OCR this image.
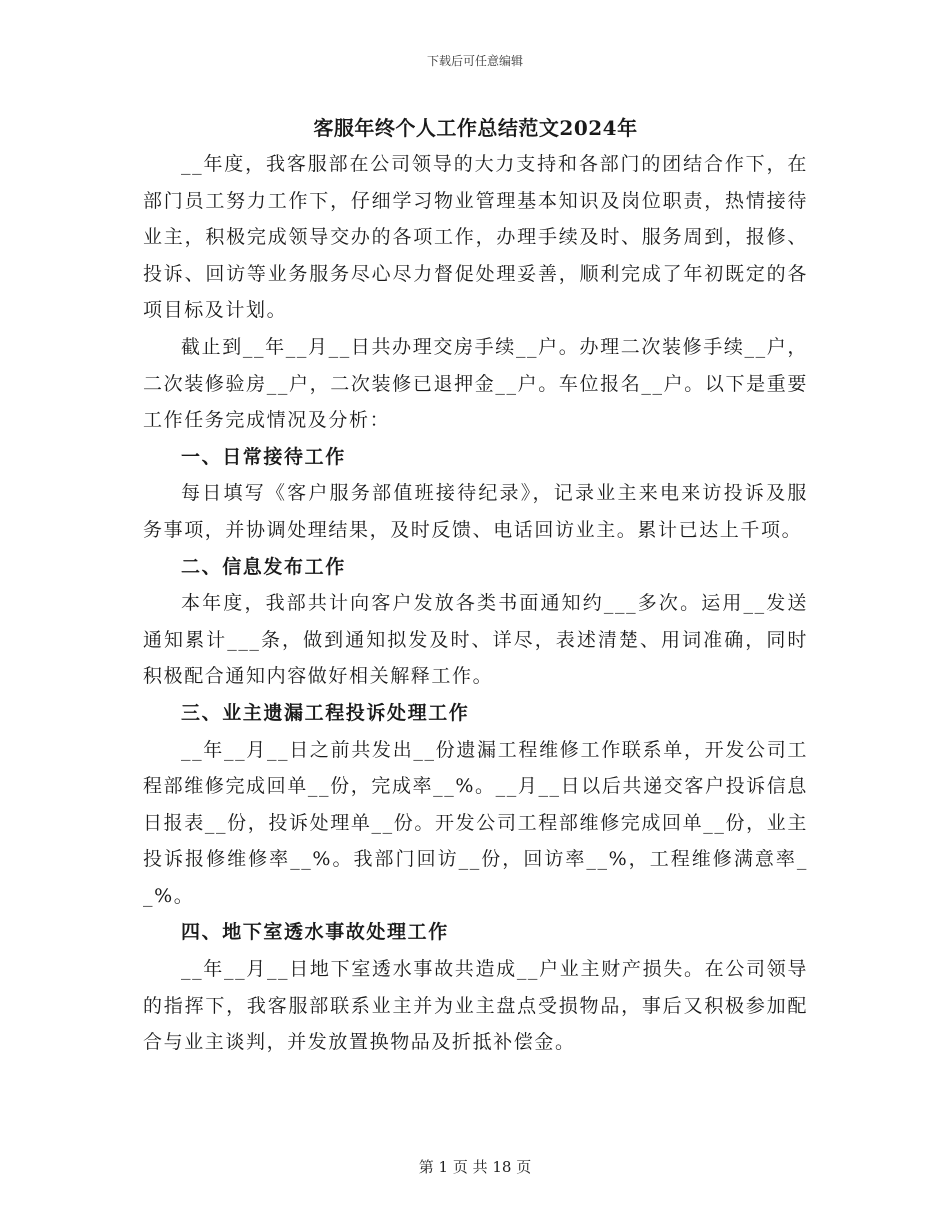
下载后可任意编辑
客服年终个人工作总结范文2024年

__年度，我客服部在公司领导的大力支持和各部门的团结合作下，在部门员工努力工作下，仔细学习物业管理基本知识及岗位职责，热情接待业主，积极完成领导交办的各项工作，办理手续及时、服务周到，报修、投诉、回访等业务服务尽心尽力督促处理妥善，顺利完成了年初既定的各项目标及计划。

截止到__年__月__日共办理交房手续__户。办理二次装修手续__户，二次装修验房__户，二次装修已退押金__户。车位报名__户。以下是重要工作任务完成情况及分析：

一、日常接待工作

每日填写《客户服务部值班接待纪录》，记录业主来电来访投诉及服务事项，并协调处理结果，及时反馈、电话回访业主。累计已达上千项。

二、信息发布工作

本年度，我部共计向客户发放各类书面通知约___多次。运用__发送通知累计___条，做到通知拟发及时、详尽，表述清楚、用词准确，同时积极配合通知内容做好相关解释工作。

三、业主遗漏工程投诉处理工作

__年__月__日之前共发出__份遗漏工程维修工作联系单，开发公司工程部维修完成回单__份，完成率__%。__月__日以后共递交客户投诉信息日报表__份，投诉处理单__份。开发公司工程部维修完成回单__份，业主投诉报修维修率__%。我部门回访__份，回访率__%，工程维修满意率__%。

四、地下室透水事故处理工作

__年__月__日地下室透水事故共造成__户业主财产损失。在公司领导的指挥下，我客服部联系业主并为业主盘点受损物品，事后又积极参加配合与业主谈判，并发放置换物品及折抵补偿金。

第 1 页 共 18 页
